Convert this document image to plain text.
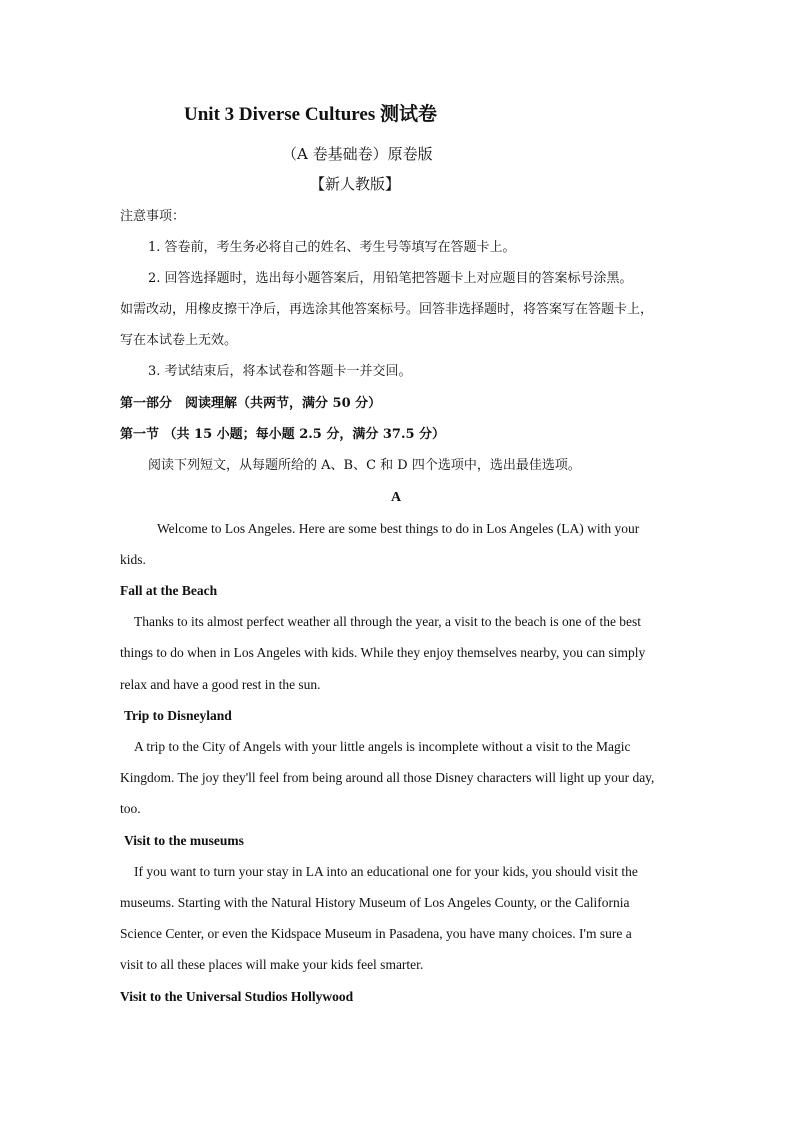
Unit 3 Diverse Cultures 测试卷
（A 卷基础卷）原卷版
【新人教版】
注意事项：
1. 答卷前，考生务必将自己的姓名、考生号等填写在答题卡上。
2. 回答选择题时，选出每小题答案后，用铅笔把答题卡上对应题目的答案标号涂黑。
如需改动，用橡皮擦干净后，再选涂其他答案标号。回答非选择题时，将答案写在答题卡上，
写在本试卷上无效。
3. 考试结束后，将本试卷和答题卡一并交回。
第一部分　阅读理解（共两节，满分 50 分）
第一节 （共 15 小题；每小题 2.5 分，满分 37.5 分）
阅读下列短文，从每题所给的 A、B、C 和 D 四个选项中，选出最佳选项。
A
Welcome to Los Angeles. Here are some best things to do in Los Angeles (LA) with your
kids.
Fall at the Beach
Thanks to its almost perfect weather all through the year, a visit to the beach is one of the best
things to do when in Los Angeles with kids. While they enjoy themselves nearby, you can simply
relax and have a good rest in the sun.
Trip to Disneyland
A trip to the City of Angels with your little angels is incomplete without a visit to the Magic
Kingdom. The joy they'll feel from being around all those Disney characters will light up your day,
too.
Visit to the museums
If you want to turn your stay in LA into an educational one for your kids, you should visit the
museums. Starting with the Natural History Museum of Los Angeles County, or the California
Science Center, or even the Kidspace Museum in Pasadena, you have many choices. I'm sure a
visit to all these places will make your kids feel smarter.
Visit to the Universal Studios Hollywood
